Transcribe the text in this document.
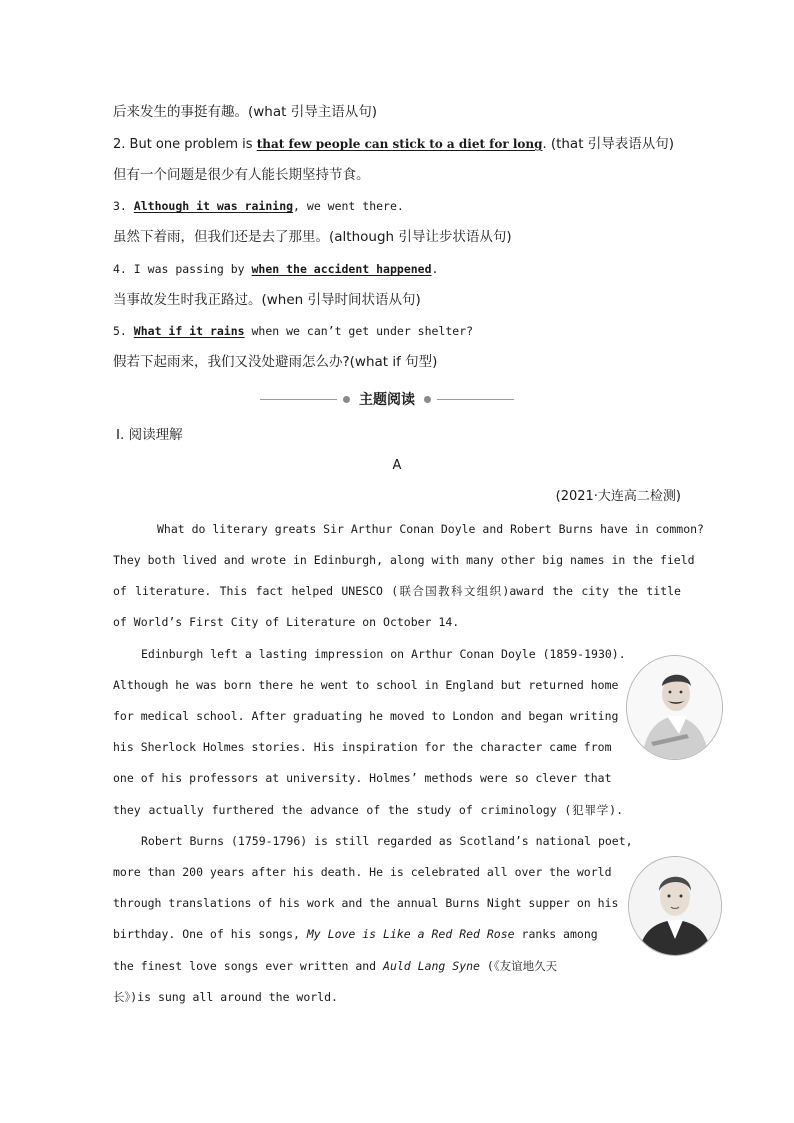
后来发生的事挺有趣。(what 引导主语从句)
2. But one problem is that few people can stick to a diet for long. (that 引导表语从句)
但有一个问题是很少有人能长期坚持节食。
3. Although it was raining, we went there.
虽然下着雨，但我们还是去了那里。(although 引导让步状语从句)
4. I was passing by when the accident happened.
当事故发生时我正路过。(when 引导时间状语从句)
5. What if it rains when we can’t get under shelter?
假若下起雨来，我们又没处避雨怎么办?(what if 句型)
主题阅读
Ⅰ. 阅读理解
A
(2021·大连高二检测)
What do literary greats Sir Arthur Conan Doyle and Robert Burns have in common?
They both lived and wrote in Edinburgh, along with many other big names in the field
of literature. This fact helped UNESCO (联合国教科文组织)award the city the title
of World’s First City of Literature on October 14.
Edinburgh left a lasting impression on Arthur Conan Doyle (1859-1930).
Although he was born there he went to school in England but returned home
for medical school. After graduating he moved to London and began writing
his Sherlock Holmes stories. His inspiration for the character came from
one of his professors at university. Holmes’ methods were so clever that
they actually furthered the advance of the study of criminology (犯罪学).
Robert Burns (1759-1796) is still regarded as Scotland’s national poet,
more than 200 years after his death. He is celebrated all over the world
through translations of his work and the annual Burns Night supper on his
birthday. One of his songs, My Love is Like a Red Red Rose ranks among
the finest love songs ever written and Auld Lang Syne (《友谊地久天
长》)is sung all around the world.
